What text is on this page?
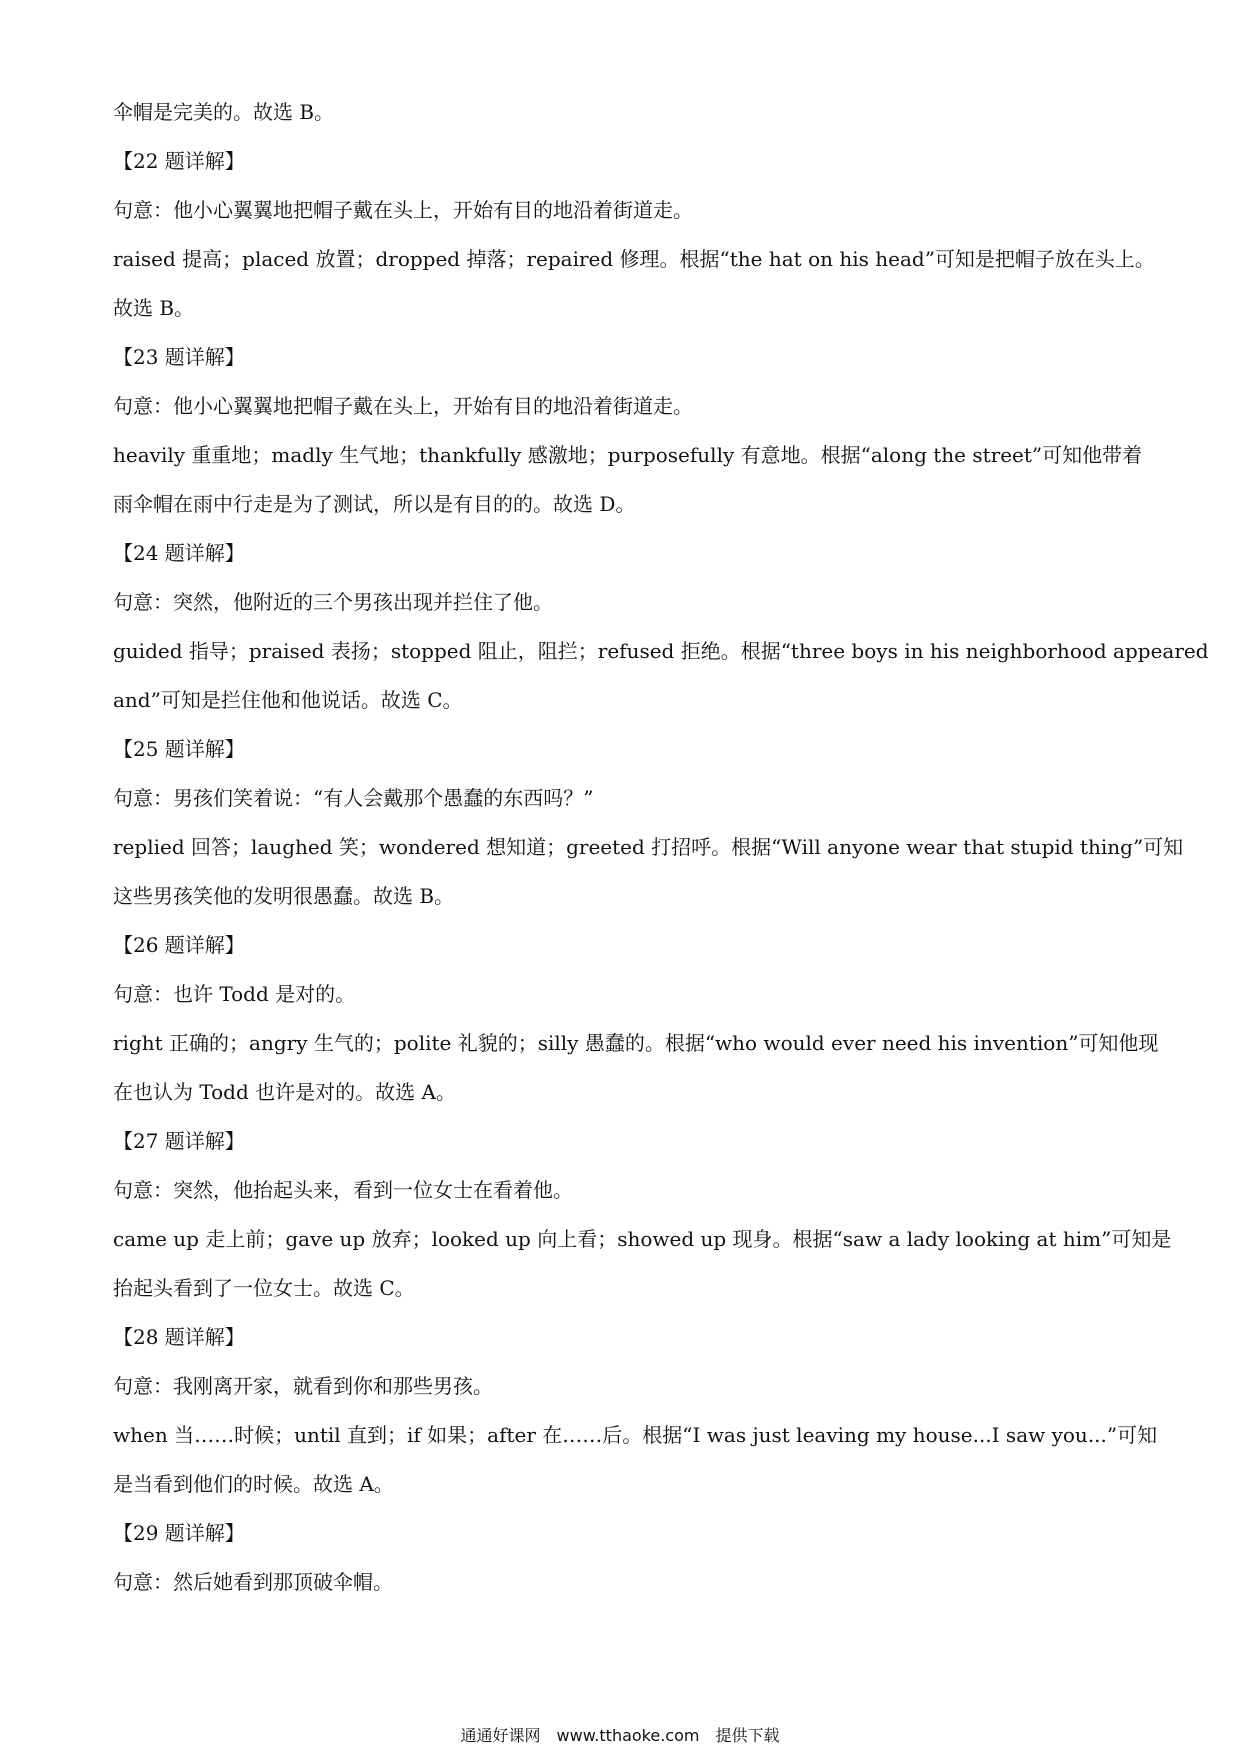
伞帽是完美的。故选 B。

【22 题详解】

句意：他小心翼翼地把帽子戴在头上，开始有目的地沿着街道走。

raised 提高；placed 放置；dropped 掉落；repaired 修理。根据“the hat on his head”可知是把帽子放在头上。

故选 B。

【23 题详解】

句意：他小心翼翼地把帽子戴在头上，开始有目的地沿着街道走。

heavily 重重地；madly 生气地；thankfully 感激地；purposefully 有意地。根据“along the street”可知他带着

雨伞帽在雨中行走是为了测试，所以是有目的的。故选 D。

【24 题详解】

句意：突然，他附近的三个男孩出现并拦住了他。

guided 指导；praised 表扬；stopped 阻止，阻拦；refused 拒绝。根据“three boys in his neighborhood appeared

and”可知是拦住他和他说话。故选 C。

【25 题详解】

句意：男孩们笑着说：“有人会戴那个愚蠢的东西吗？”

replied 回答；laughed 笑；wondered 想知道；greeted 打招呼。根据“Will anyone wear that stupid thing”可知

这些男孩笑他的发明很愚蠢。故选 B。

【26 题详解】

句意：也许 Todd 是对的。

right 正确的；angry 生气的；polite 礼貌的；silly 愚蠢的。根据“who would ever need his invention”可知他现

在也认为 Todd 也许是对的。故选 A。

【27 题详解】

句意：突然，他抬起头来，看到一位女士在看着他。

came up 走上前；gave up 放弃；looked up 向上看；showed up 现身。根据“saw a lady looking at him”可知是

抬起头看到了一位女士。故选 C。

【28 题详解】

句意：我刚离开家，就看到你和那些男孩。

when 当……时候；until 直到；if 如果；after 在……后。根据“I was just leaving my house...I saw you...”可知

是当看到他们的时候。故选 A。

【29 题详解】

句意：然后她看到那顶破伞帽。

通通好课网　www.tthaoke.com　提供下载
